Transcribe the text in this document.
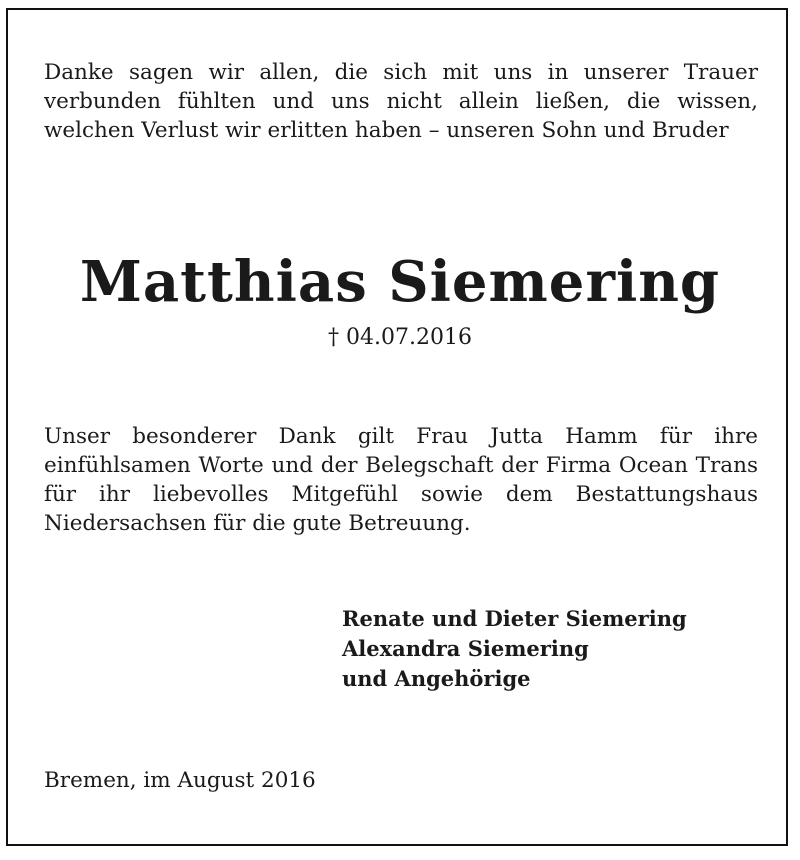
Danke sagen wir allen, die sich mit uns in unserer Trauer verbunden fühlten und uns nicht allein ließen, die wissen, welchen Verlust wir erlitten haben – unseren Sohn und Bruder

Matthias Siemering
† 04.07.2016

Unser besonderer Dank gilt Frau Jutta Hamm für ihre einfühlsamen Worte und der Belegschaft der Firma Ocean Trans für ihr liebevolles Mitgefühl sowie dem Bestattungshaus Niedersachsen für die gute Betreuung.

Renate und Dieter Siemering
Alexandra Siemering
und Angehörige
Bremen, im August 2016
